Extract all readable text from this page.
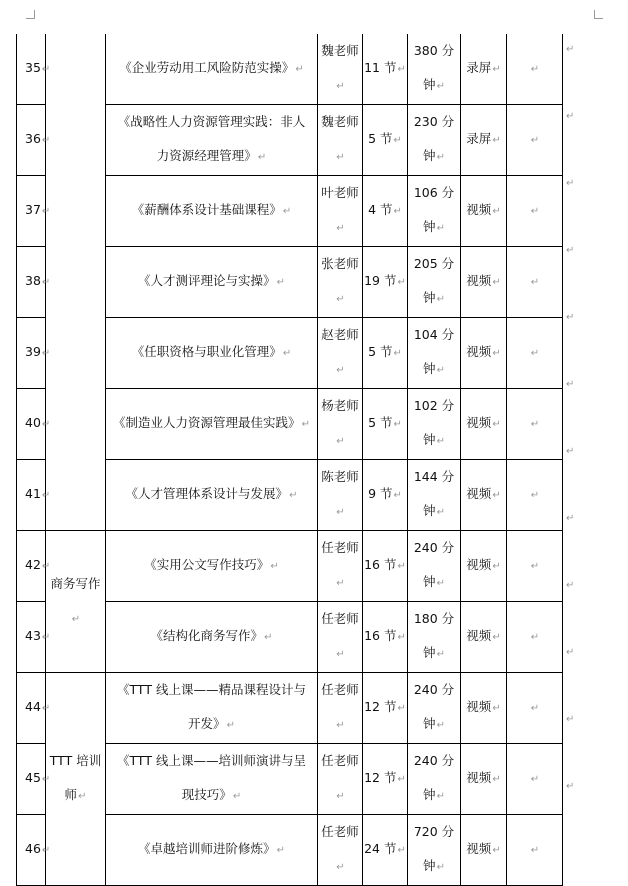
35↵		《企业劳动用工风险防范实操》↵	魏老师↵	11 节↵	380 分钟↵	录屏↵	↵
36↵		《战略性人力资源管理实践：非人力资源经理管理》↵	魏老师↵	5 节↵	230 分钟↵	录屏↵	↵
37↵		《薪酬体系设计基础课程》↵	叶老师↵	4 节↵	106 分钟↵	视频↵	↵
38↵		《人才测评理论与实操》↵	张老师↵	19 节↵	205 分钟↵	视频↵	↵
39↵		《任职资格与职业化管理》↵	赵老师↵	5 节↵	104 分钟↵	视频↵	↵
40↵		《制造业人力资源管理最佳实践》↵	杨老师↵	5 节↵	102 分钟↵	视频↵	↵
41↵		《人才管理体系设计与发展》↵	陈老师↵	9 节↵	144 分钟↵	视频↵	↵
42↵	商务写作↵	《实用公文写作技巧》↵	任老师↵	16 节↵	240 分钟↵	视频↵	↵
43↵		《结构化商务写作》↵	任老师↵	16 节↵	180 分钟↵	视频↵	↵
44↵	TTT 培训师↵	《TTT 线上课——精品课程设计与开发》↵	任老师↵	12 节↵	240 分钟↵	视频↵	↵
45↵		《TTT 线上课——培训师演讲与呈现技巧》↵	任老师↵	12 节↵	240 分钟↵	视频↵	↵
46↵		《卓越培训师进阶修炼》↵	任老师↵	24 节↵	720 分钟↵	视频↵	↵
↵
↵
↵
↵
↵
↵
↵
↵
↵
↵
↵
↵
